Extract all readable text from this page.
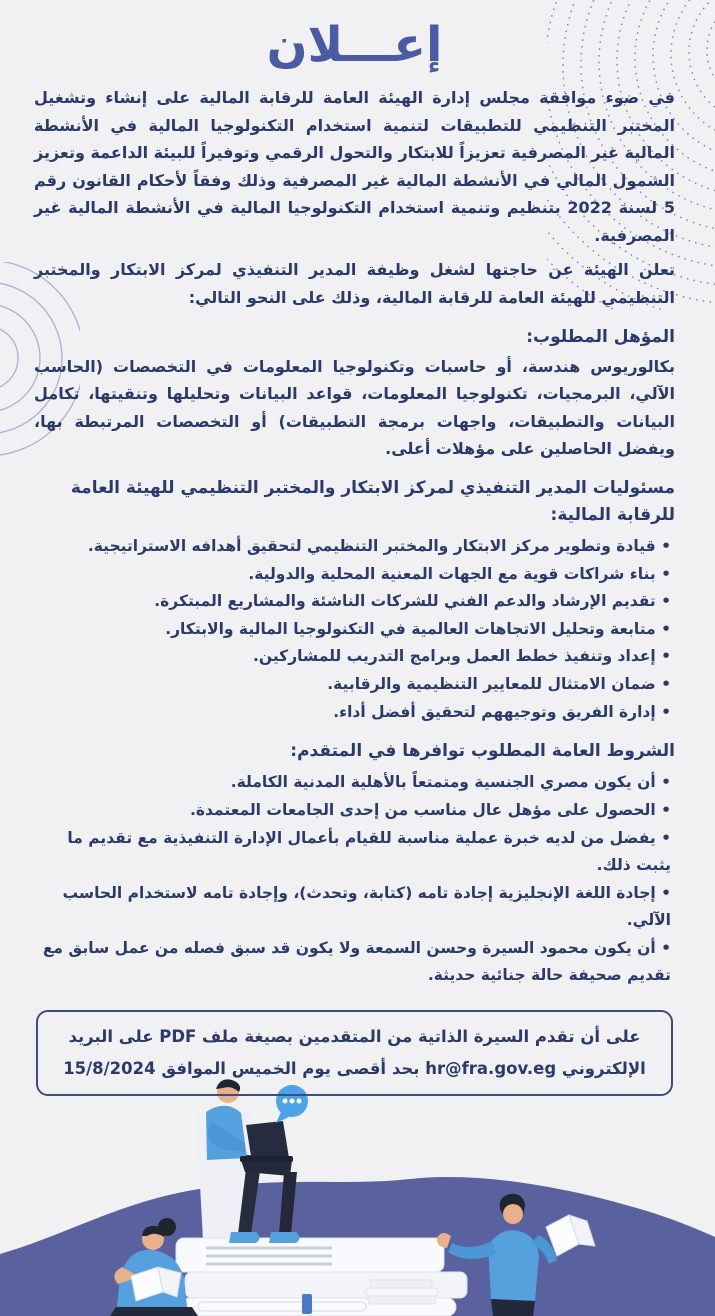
إعـــلان

في ضوء موافقة مجلس إدارة الهيئة العامة للرقابة المالية على إنشاء وتشغيل المختبر التنظيمي للتطبيقات لتنمية استخدام التكنولوجيا المالية في الأنشطة المالية غير المصرفية تعزيزاً للابتكار والتحول الرقمي وتوفيراً للبيئة الداعمة وتعزيز الشمول المالي في الأنشطة المالية غير المصرفية وذلك وفقاً لأحكام القانون رقم 5 لسنة 2022 بتنظيم وتنمية استخدام التكنولوجيا المالية في الأنشطة المالية غير المصرفية.

تعلن الهيئة عن حاجتها لشغل وظيفة المدير التنفيذي لمركز الابتكار والمختبر التنظيمي للهيئة العامة للرقابة المالية، وذلك على النحو التالي:

المؤهل المطلوب:

بكالوريوس هندسة، أو حاسبات وتكنولوجيا المعلومات في التخصصات (الحاسب الآلي، البرمجيات، تكنولوجيا المعلومات، قواعد البيانات وتحليلها وتنقيتها، تكامل البيانات والتطبيقات، واجهات برمجة التطبيقات) أو التخصصات المرتبطة بها، ويفضل الحاصلين على مؤهلات أعلى.

مسئوليات المدير التنفيذي لمركز الابتكار والمختبر التنظيمي للهيئة العامة للرقابة المالية:
• قيادة وتطوير مركز الابتكار والمختبر التنظيمي لتحقيق أهدافه الاستراتيجية.
• بناء شراكات قوية مع الجهات المعنية المحلية والدولية.
• تقديم الإرشاد والدعم الفني للشركات الناشئة والمشاريع المبتكرة.
• متابعة وتحليل الاتجاهات العالمية في التكنولوجيا المالية والابتكار.
• إعداد وتنفيذ خطط العمل وبرامج التدريب للمشاركين.
• ضمان الامتثال للمعايير التنظيمية والرقابية.
• إدارة الفريق وتوجيههم لتحقيق أفضل أداء.
الشروط العامة المطلوب توافرها في المتقدم:
• أن يكون مصري الجنسية ومتمتعاً بالأهلية المدنية الكاملة.
• الحصول على مؤهل عال مناسب من إحدى الجامعات المعتمدة.
• يفضل من لديه خبرة عملية مناسبة للقيام بأعمال الإدارة التنفيذية مع تقديم ما يثبت ذلك.
• إجادة اللغة الإنجليزية إجادة تامه (كتابة، وتحدث)، وإجادة تامه لاستخدام الحاسب الآلي.
• أن يكون محمود السيرة وحسن السمعة ولا يكون قد سبق فصله من عمل سابق مع تقديم صحيفة حالة جنائية حديثة.
على أن تقدم السيرة الذاتية من المتقدمين بصيغة ملف PDF على البريد
الإلكتروني hr@fra.gov.eg بحد أقصى يوم الخميس الموافق 15/8/2024
